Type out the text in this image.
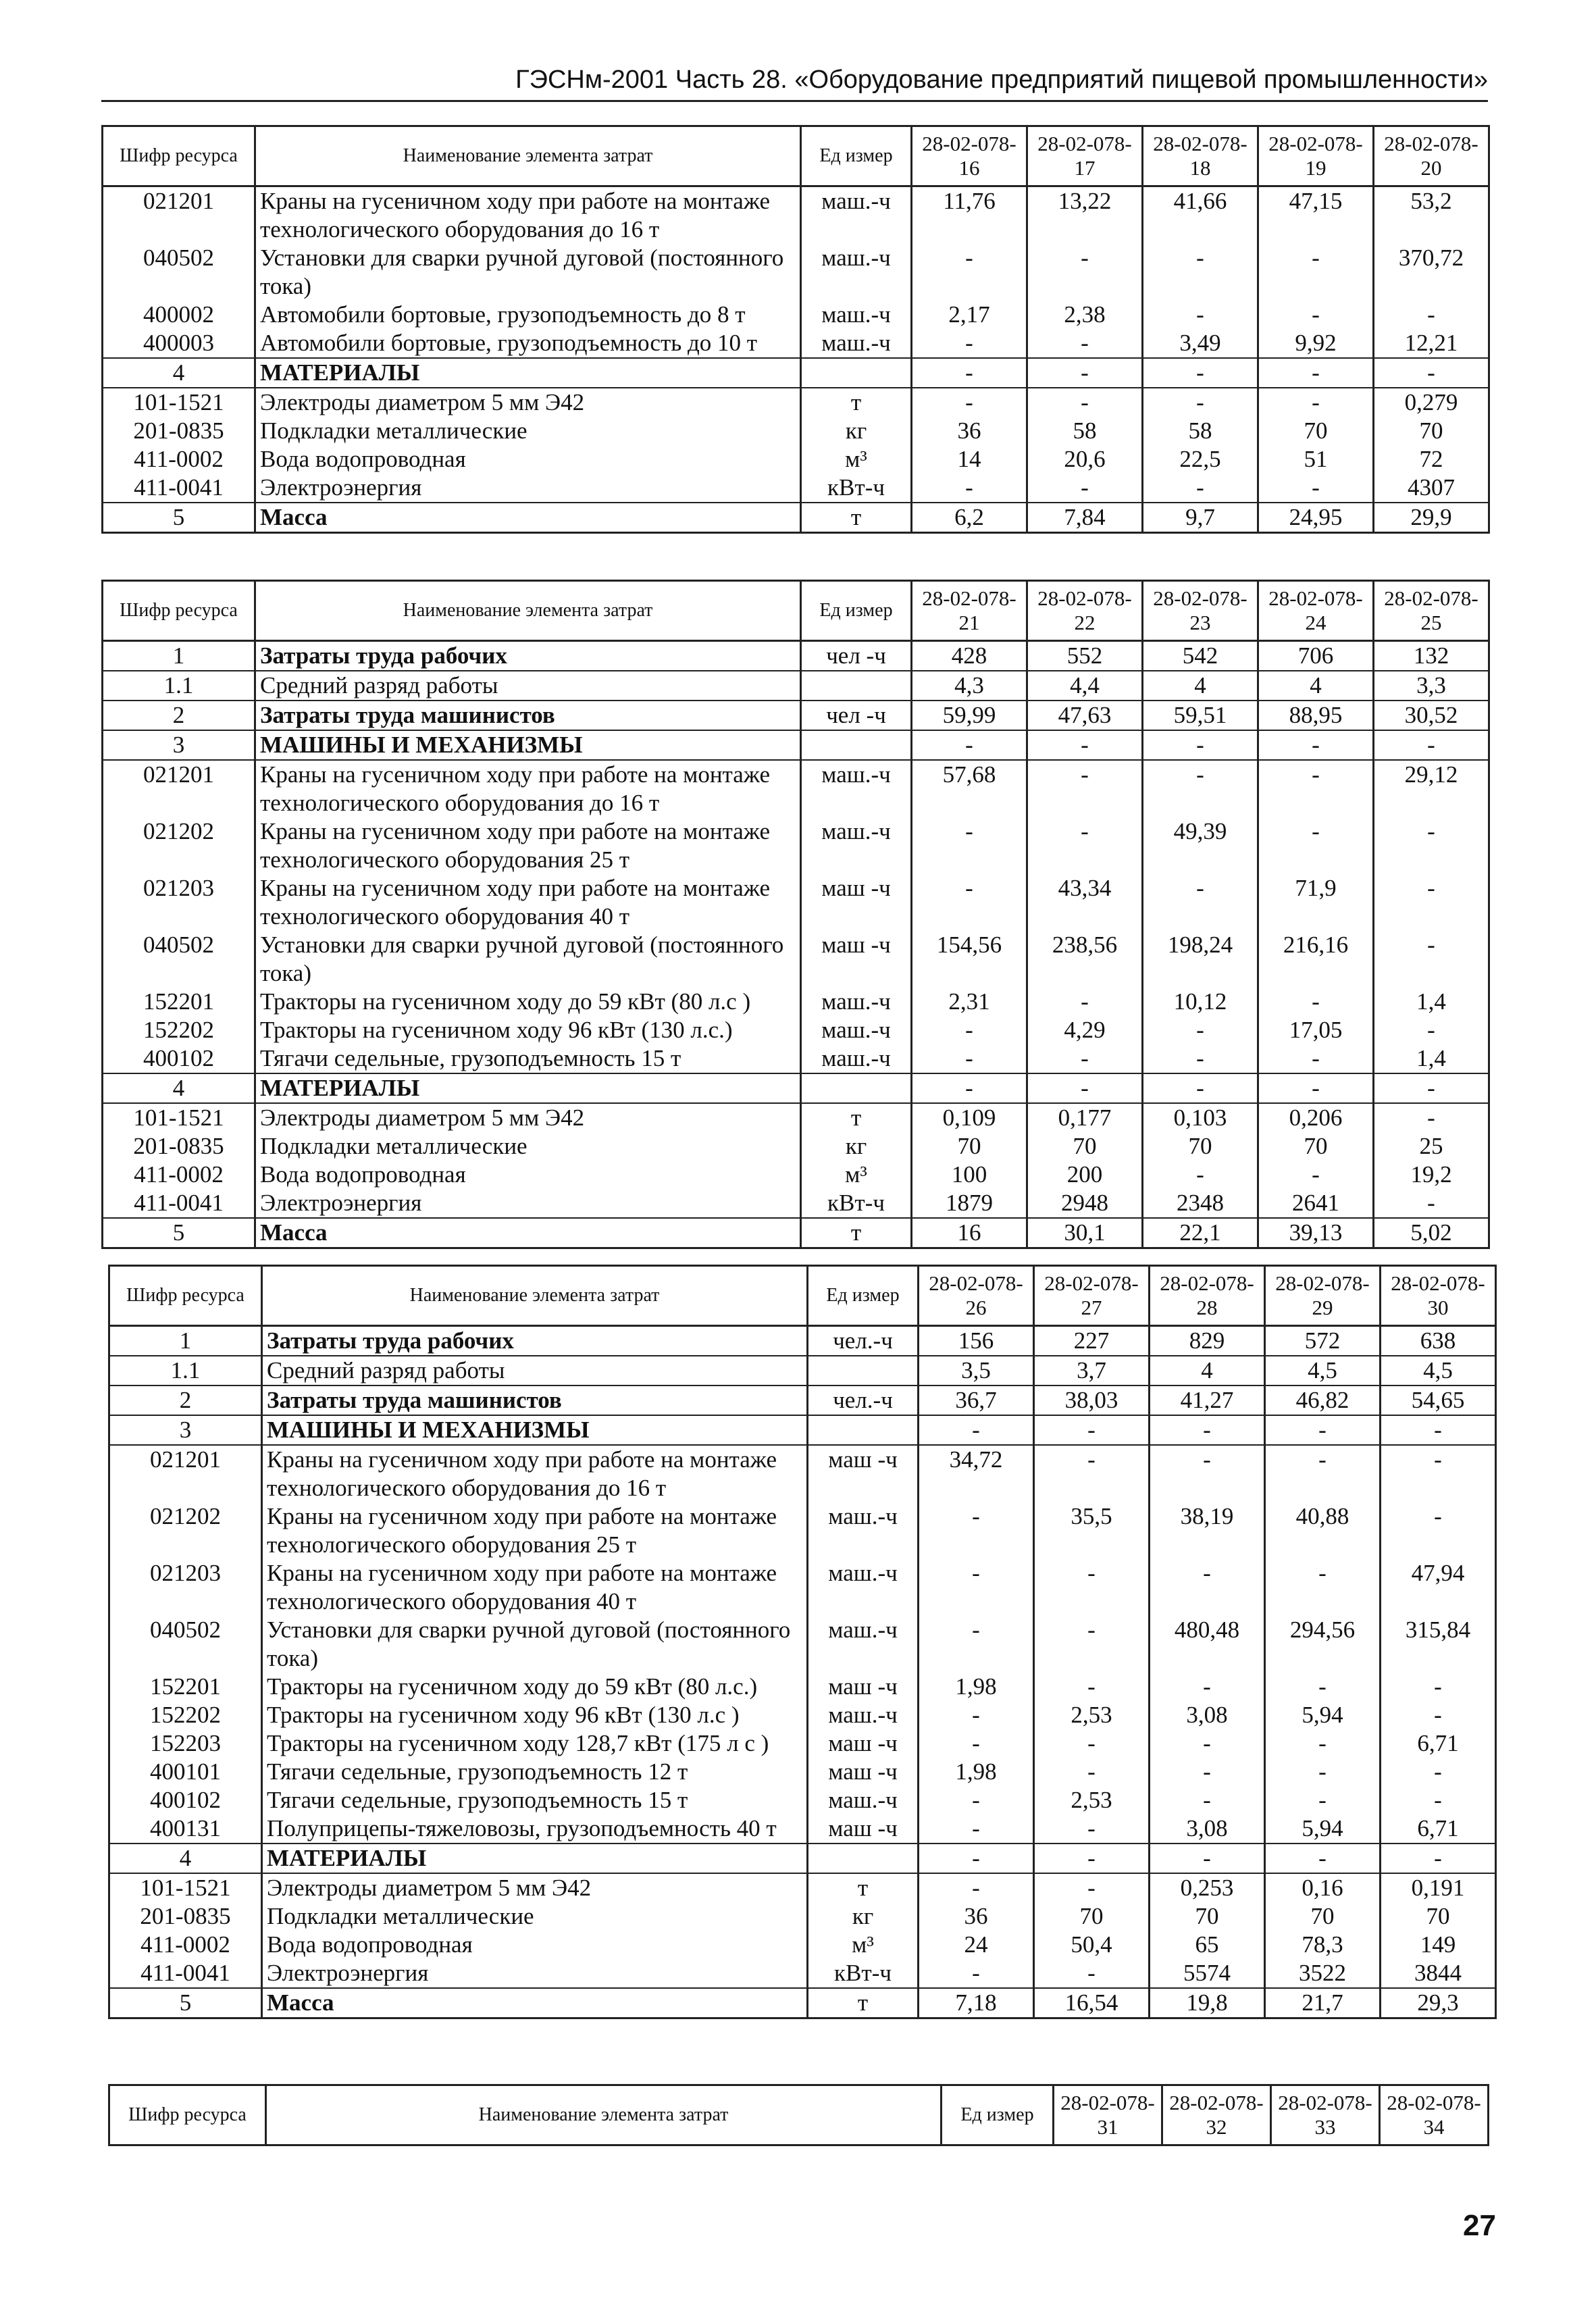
ГЭСНм-2001 Часть 28. «Оборудование предприятий пищевой промышленности»
Шифр ресурса	Наименование элемента затрат	Ед измер	28-02-078-16	28-02-078-17	28-02-078-18	28-02-078-19	28-02-078-20
021201	Краны на гусеничном ходу при работе на монтаже технологического оборудования до 16 т	маш.-ч	11,76	13,22	41,66	47,15	53,2
040502	Установки для сварки ручной дуговой (постоянного тока)	маш.-ч	-	-	-	-	370,72
400002	Автомобили бортовые, грузоподъемность до 8 т	маш.-ч	2,17	2,38	-	-	-
400003	Автомобили бортовые, грузоподъемность до 10 т	маш.-ч	-	-	3,49	9,92	12,21
4	МАТЕРИАЛЫ		-	-	-	-	-
101-1521	Электроды диаметром 5 мм Э42	т	-	-	-	-	0,279
201-0835	Подкладки металлические	кг	36	58	58	70	70
411-0002	Вода водопроводная	м³	14	20,6	22,5	51	72
411-0041	Электроэнергия	кВт-ч	-	-	-	-	4307
5	Масса	т	6,2	7,84	9,7	24,95	29,9
Шифр ресурса	Наименование элемента затрат	Ед измер	28-02-078-21	28-02-078-22	28-02-078-23	28-02-078-24	28-02-078-25
1	Затраты труда рабочих	чел -ч	428	552	542	706	132
1.1	Средний разряд работы		4,3	4,4	4	4	3,3
2	Затраты труда машинистов	чел -ч	59,99	47,63	59,51	88,95	30,52
3	МАШИНЫ И МЕХАНИЗМЫ		-	-	-	-	-
021201	Краны на гусеничном ходу при работе на монтаже технологического оборудования до 16 т	маш.-ч	57,68	-	-	-	29,12
021202	Краны на гусеничном ходу при работе на монтаже технологического оборудования 25 т	маш.-ч	-	-	49,39	-	-
021203	Краны на гусеничном ходу при работе на монтаже технологического оборудования 40 т	маш -ч	-	43,34	-	71,9	-
040502	Установки для сварки ручной дуговой (постоянного тока)	маш -ч	154,56	238,56	198,24	216,16	-
152201	Тракторы на гусеничном ходу до 59 кВт (80 л.с )	маш.-ч	2,31	-	10,12	-	1,4
152202	Тракторы на гусеничном ходу 96 кВт (130 л.с.)	маш.-ч	-	4,29	-	17,05	-
400102	Тягачи седельные, грузоподъемность 15 т	маш.-ч	-	-	-	-	1,4
4	МАТЕРИАЛЫ		-	-	-	-	-
101-1521	Электроды диаметром 5 мм Э42	т	0,109	0,177	0,103	0,206	-
201-0835	Подкладки металлические	кг	70	70	70	70	25
411-0002	Вода водопроводная	м³	100	200	-	-	19,2
411-0041	Электроэнергия	кВт-ч	1879	2948	2348	2641	-
5	Масса	т	16	30,1	22,1	39,13	5,02
Шифр ресурса	Наименование элемента затрат	Ед измер	28-02-078-26	28-02-078-27	28-02-078-28	28-02-078-29	28-02-078-30
1	Затраты труда рабочих	чел.-ч	156	227	829	572	638
1.1	Средний разряд работы		3,5	3,7	4	4,5	4,5
2	Затраты труда машинистов	чел.-ч	36,7	38,03	41,27	46,82	54,65
3	МАШИНЫ И МЕХАНИЗМЫ		-	-	-	-	-
021201	Краны на гусеничном ходу при работе на монтаже технологического оборудования до 16 т	маш -ч	34,72	-	-	-	-
021202	Краны на гусеничном ходу при работе на монтаже технологического оборудования 25 т	маш.-ч	-	35,5	38,19	40,88	-
021203	Краны на гусеничном ходу при работе на монтаже технологического оборудования 40 т	маш.-ч	-	-	-	-	47,94
040502	Установки для сварки ручной дуговой (постоянного тока)	маш.-ч	-	-	480,48	294,56	315,84
152201	Тракторы на гусеничном ходу до 59 кВт (80 л.с.)	маш -ч	1,98	-	-	-	-
152202	Тракторы на гусеничном ходу 96 кВт (130 л.с )	маш.-ч	-	2,53	3,08	5,94	-
152203	Тракторы на гусеничном ходу 128,7 кВт (175 л с )	маш -ч	-	-	-	-	6,71
400101	Тягачи седельные, грузоподъемность 12 т	маш -ч	1,98	-	-	-	-
400102	Тягачи седельные, грузоподъемность 15 т	маш.-ч	-	2,53	-	-	-
400131	Полуприцепы-тяжеловозы, грузоподъемность 40 т	маш -ч	-	-	3,08	5,94	6,71
4	МАТЕРИАЛЫ		-	-	-	-	-
101-1521	Электроды диаметром 5 мм Э42	т	-	-	0,253	0,16	0,191
201-0835	Подкладки металлические	кг	36	70	70	70	70
411-0002	Вода водопроводная	м³	24	50,4	65	78,3	149
411-0041	Электроэнергия	кВт-ч	-	-	5574	3522	3844
5	Масса	т	7,18	16,54	19,8	21,7	29,3
Шифр ресурса	Наименование элемента затрат	Ед измер	28-02-078-31	28-02-078-32	28-02-078-33	28-02-078-34
27
